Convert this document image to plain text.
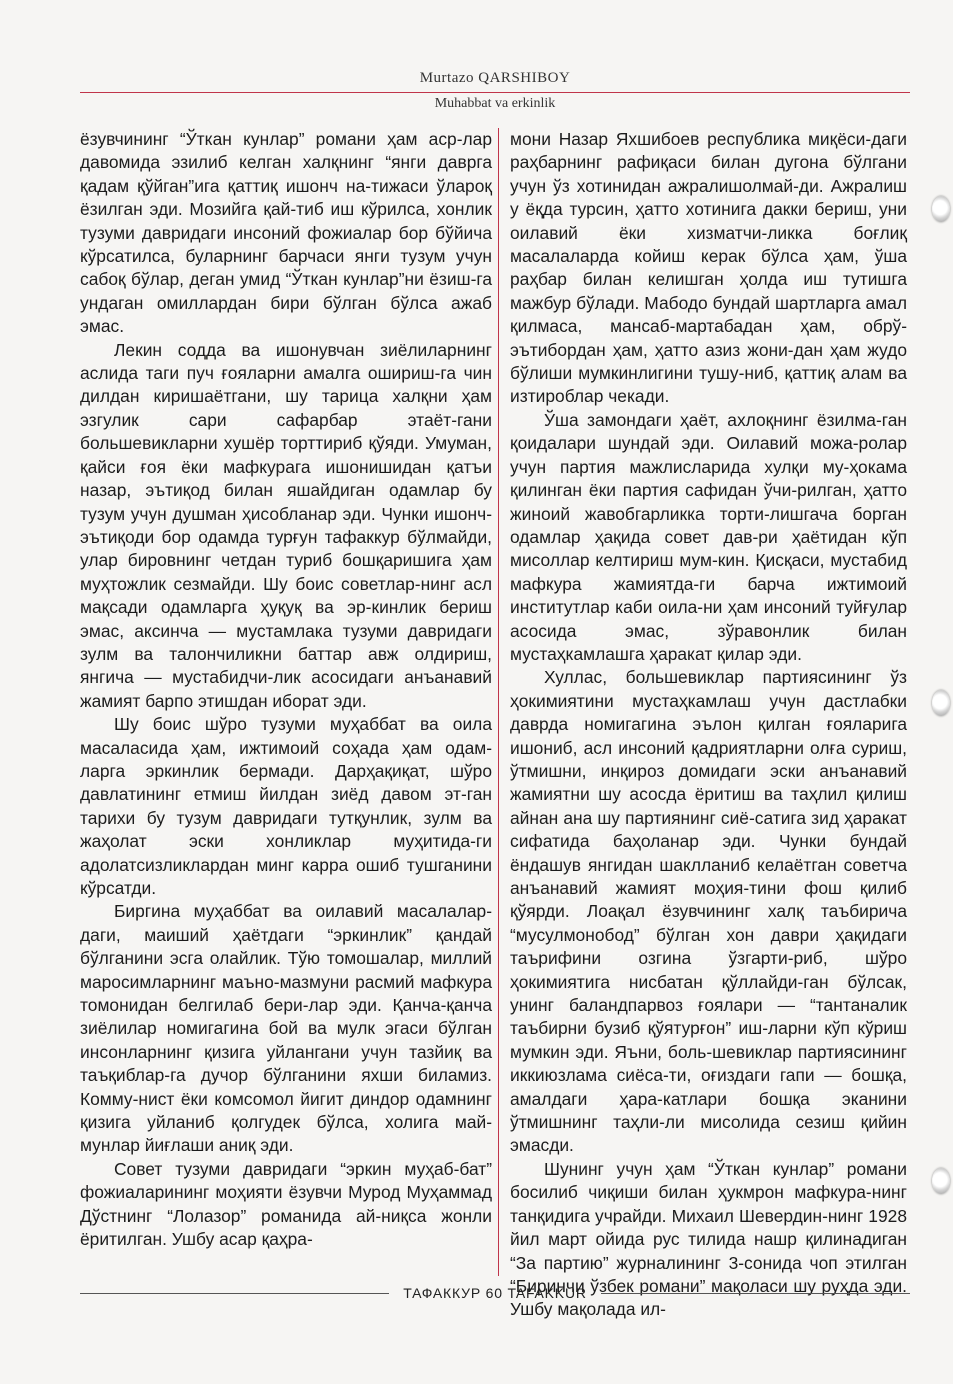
Murtazo QARSHIBOY
Muhabbat va erkinlik

ёзувчининг “Ўткан кунлар” романи ҳам аср-лар давомида эзилиб келган халқнинг “янги даврга қадам қўйган”ига қаттиқ ишонч на-тижаси ўлароқ ёзилган эди. Мозийга қай-тиб иш кўрилса, хонлик тузуми давридаги инсоний фожиалар бор бўйича кўрсатилса, буларнинг барчаси янги тузум учун сабоқ бўлар, деган умид “Ўткан кунлар”ни ёзиш-га ундаган омиллардан бири бўлган бўлса ажаб эмас.

Лекин содда ва ишонувчан зиёлиларнинг аслида таги пуч ғояларни амалга ошириш-га чин дилдан киришаётгани, шу тарица халқни ҳам эзгулик сари сафарбар этаёт-гани большевикларни хушёр торттириб қўяди. Умуман, қайси ғоя ёки мафкурага ишонишидан қатъи назар, эътиқод билан яшайдиган одамлар бу тузум учун душман ҳисобланар эди. Чунки ишонч-эътиқоди бор одамда турғун тафаккур бўлмайди, улар бировнинг четдан туриб бошқаришига ҳам муҳтожлик сезмайди. Шу боис советлар-нинг асл мақсади одамларга ҳуқуқ ва эр-кинлик бериш эмас, аксинча — мустамлака тузуми давридаги зулм ва талончиликни баттар авж олдириш, янгича — мустабидчи-лик асосидаги анъанавий жамият барпо этишдан иборат эди.

Шу боис шўро тузуми муҳаббат ва оила масаласида ҳам, ижтимоий соҳада ҳам одам-ларга эркинлик бермади. Дарҳақиқат, шўро давлатининг етмиш йилдан зиёд давом эт-ган тарихи бу тузум давридаги тутқунлик, зулм ва жаҳолат эски хонликлар муҳитида-ги адолатсизликлардан минг карра ошиб тушганини кўрсатди.

Биргина муҳаббат ва оилавий масалалар-даги, маиший ҳаётдаги “эркинлик” қандай бўлганини эсга олайлик. Тўю томошалар, миллий маросимларнинг маъно-мазмуни расмий мафкура томонидан белгилаб бери-лар эди. Қанча-қанча зиёлилар номигагина бой ва мулк эгаси бўлган инсонларнинг қизига уйлангани учун тазйиқ ва таъқиблар-га дучор бўлганини яхши биламиз. Комму-нист ёки комсомол йигит диндор одамнинг қизига уйланиб қолгудек бўлса, холига май-мунлар йиғлаши аниқ эди.

Совет тузуми давридаги “эркин муҳаб-бат” фожиаларининг моҳияти ёзувчи Мурод Муҳаммад Дўстнинг “Лолазор” романида ай-ниқса жонли ёритилган. Ушбу асар қаҳра-

мони Назар Яхшибоев республика миқёси-даги раҳбарнинг рафиқаси билан дугона бўлгани учун ўз хотинидан ажралишолмай-ди. Ажралиш у ёқда турсин, ҳатто хотинига дакки бериш, уни оилавий ёки хизматчи-ликка боғлиқ масалаларда койиш керак бўлса ҳам, ўша раҳбар билан келишган ҳолда иш тутишга мажбур бўлади. Мабодо бундай шартларга амал қилмаса, мансаб-мартабадан ҳам, обрў-эътибордан ҳам, ҳатто азиз жони-дан ҳам жудо бўлиши мумкинлигини тушу-ниб, қаттиқ алам ва изтироблар чекади.

Ўша замондаги ҳаёт, ахлоқнинг ёзилма-ган қоидалари шундай эди. Оилавий можа-ролар учун партия мажлисларида хулқи му-ҳокама қилинган ёки партия сафидан ўчи-рилган, ҳатто жиноий жавобгарликка торти-лишгача борган одамлар ҳақида совет дав-ри ҳаётидан кўп мисоллар келтириш мум-кин. Қисқаси, мустабид мафкура жамиятда-ги барча ижтимоий институтлар каби оила-ни ҳам инсоний туйғулар асосида эмас, зўравонлик билан мустаҳкамлашга ҳаракат қилар эди.

Хуллас, большевиклар партиясининг ўз ҳокимиятини мустаҳкамлаш учун дастлабки даврда номигагина эълон қилган ғояларига ишониб, асл инсоний қадриятларни олға суриш, ўтмишни, инқироз домидаги эски анъанавий жамиятни шу асосда ёритиш ва таҳлил қилиш айнан ана шу партиянинг сиё-сатига зид ҳаракат сифатида баҳоланар эди. Чунки бундай ёндашув янгидан шаклланиб келаётган советча анъанавий жамият моҳия-тини фош қилиб қўярди. Лоақал ёзувчининг халқ таъбирича “мусулмонобод” бўлган хон даври ҳақидаги таърифини озгина ўзгарти-риб, шўро ҳокимиятига нисбатан қўллайди-ган бўлсак, унинг баландпарвоз ғоялари — “тантаналик таъбирни бузиб қўятурғон” иш-ларни кўп кўриш мумкин эди. Яъни, боль-шевиклар партиясининг иккиюзлама сиёса-ти, оғиздаги гапи — бошқа, амалдаги ҳара-катлари бошқа эканини ўтмишнинг таҳли-ли мисолида сезиш қийин эмасди.

Шунинг учун ҳам “Ўткан кунлар” романи босилиб чиқиши билан ҳукмрон мафкура-нинг танқидига учрайди. Михаил Шевердин-нинг 1928 йил март ойида рус тилида нашр қилинадиган “За партию” журналининг 3-сонида чоп этилган “Биринчи ўзбек романи” мақоласи шу руҳда эди. Ушбу мақолада ил-

ТАФАККУР 60 TAFAKKUR
